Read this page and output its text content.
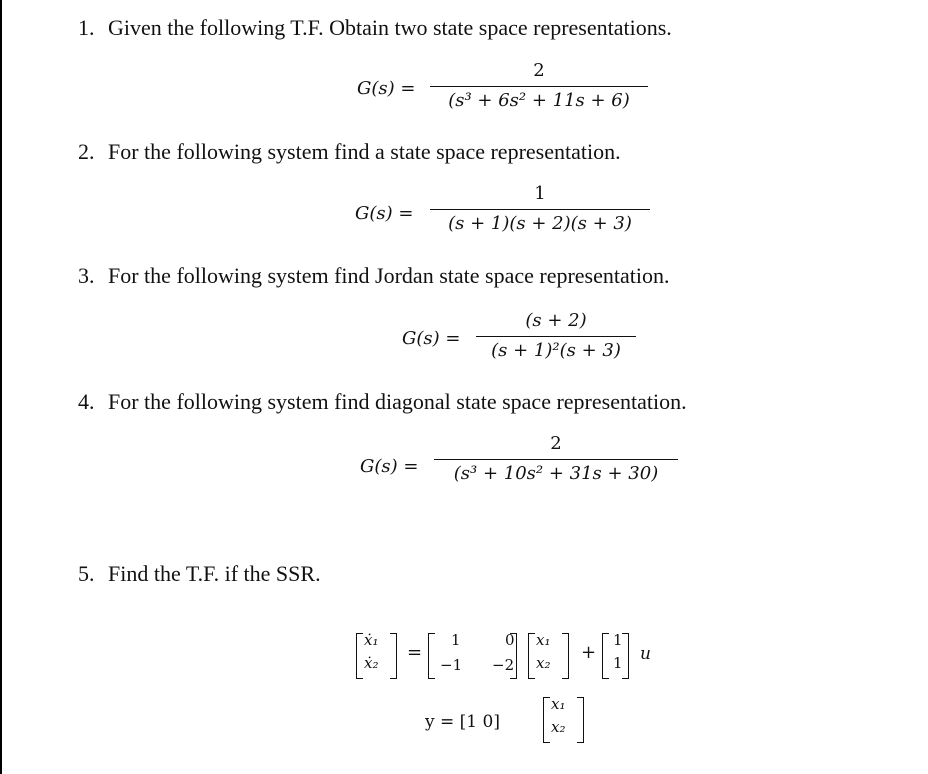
1. Given the following T.F. Obtain two state space representations.
G(s) =
2
(s³ + 6s² + 11s + 6)
2. For the following system find a state space representation.
G(s) =
1
(s + 1)(s + 2)(s + 3)
3. For the following system find Jordan state space representation.
G(s) =
(s + 2)
(s + 1)²(s + 3)
4. For the following system find diagonal state space representation.
G(s) =
2
(s³ + 10s² + 31s + 30)
5. Find the T.F. if the SSR.
ẋ₁
ẋ₂ =
1	0
−1 −2
x₁
x₂ +
1
1 u
y = [1 0]
x₁
x₂
